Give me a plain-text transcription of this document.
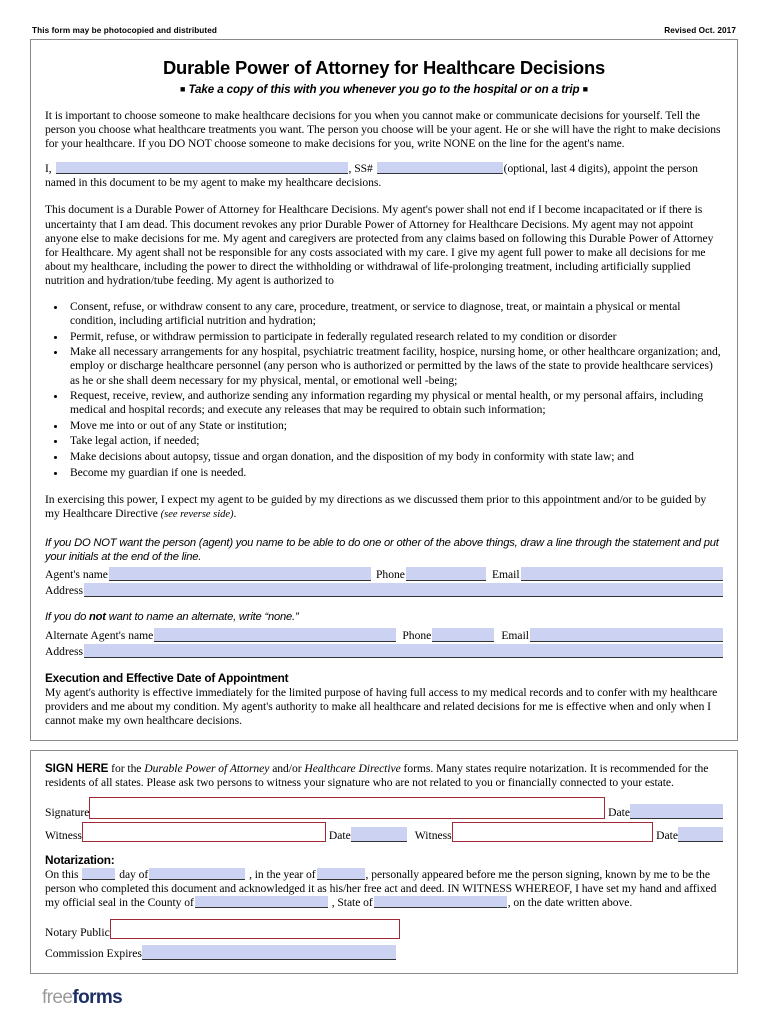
This form may be photocopied and distributed	Revised Oct. 2017
Durable Power of Attorney for Healthcare Decisions
■ Take a copy of this with you whenever you go to the hospital or on a trip ■

It is important to choose someone to make healthcare decisions for you when you cannot make or communicate decisions for yourself. Tell the person you choose what healthcare treatments you want. The person you choose will be your agent. He or she will have the right to make decisions for your healthcare. If you DO NOT choose someone to make decisions for you, write NONE on the line for the agent's name.

I,	, SS#	(optional, last 4 digits), appoint the person named in this document to be my agent to make my healthcare decisions.

This document is a Durable Power of Attorney for Healthcare Decisions. My agent's power shall not end if I become incapacitated or if there is uncertainty that I am dead. This document revokes any prior Durable Power of Attorney for Healthcare Decisions. My agent may not appoint anyone else to make decisions for me. My agent and caregivers are protected from any claims based on following this Durable Power of Attorney for Healthcare. My agent shall not be responsible for any costs associated with my care. I give my agent full power to make all decisions for me about my healthcare, including the power to direct the withholding or withdrawal of life-prolonging treatment, including artificially supplied nutrition and hydration/tube feeding. My agent is authorized to

• Consent, refuse, or withdraw consent to any care, procedure, treatment, or service to diagnose, treat, or maintain a physical or mental condition, including artificial nutrition and hydration;
• Permit, refuse, or withdraw permission to participate in federally regulated research related to my condition or disorder
• Make all necessary arrangements for any hospital, psychiatric treatment facility, hospice, nursing home, or other healthcare organization; and, employ or discharge healthcare personnel (any person who is authorized or permitted by the laws of the state to provide healthcare services) as he or she shall deem necessary for my physical, mental, or emotional well -being;
• Request, receive, review, and authorize sending any information regarding my physical or mental health, or my personal affairs, including medical and hospital records; and execute any releases that may be required to obtain such information;
• Move me into or out of any State or institution;
• Take legal action, if needed;
• Make decisions about autopsy, tissue and organ donation, and the disposition of my body in conformity with state law; and
• Become my guardian if one is needed.

In exercising this power, I expect my agent to be guided by my directions as we discussed them prior to this appointment and/or to be guided by my Healthcare Directive (see reverse side).

If you DO NOT want the person (agent) you name to be able to do one or other of the above things, draw a line through the statement and put your initials at the end of the line.
Agent's name	Phone	Email
Address
If you do not want to name an alternate, write “none.”
Alternate Agent's name	Phone	Email
Address
Execution and Effective Date of Appointment

My agent's authority is effective immediately for the limited purpose of having full access to my medical records and to confer with my healthcare providers and me about my condition. My agent's authority to make all healthcare and related decisions for me is effective when and only when I cannot make my own healthcare decisions.

SIGN HERE for the Durable Power of Attorney and/or Healthcare Directive forms. Many states require notarization. It is recommended for the residents of all states. Please ask two persons to witness your signature who are not related to you or financially connected to your estate.

Signature	Date
Witness	Date	Witness	Date
Notarization:

On this	day of	, in the year of	, personally appeared before me the person signing, known by me to be the person who completed this document and acknowledged it as his/her free act and deed. IN WITNESS WHEREOF, I have set my hand and affixed my official seal in the County of	, State of	, on the date written above.

Notary Public
Commission Expires
freeforms
